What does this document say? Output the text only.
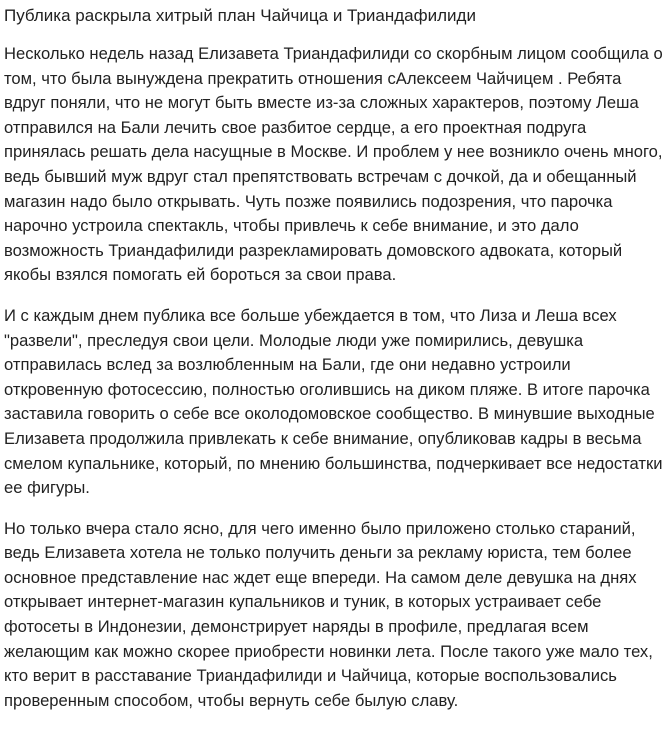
Публика раскрыла хитрый план Чайчица и Триандафилиди

Несколько недель назад Елизавета Триандафилиди со скорбным лицом сообщила о том, что была вынуждена прекратить отношения сАлексеем Чайчицем . Ребята вдруг поняли, что не могут быть вместе из-за сложных характеров, поэтому Леша отправился на Бали лечить свое разбитое сердце, а его проектная подруга принялась решать дела насущные в Москве. И проблем у нее возникло очень много, ведь бывший муж вдруг стал препятствовать встречам с дочкой, да и обещанный магазин надо было открывать. Чуть позже появились подозрения, что парочка нарочно устроила спектакль, чтобы привлечь к себе внимание, и это дало возможность Триандафилиди разрекламировать домовского адвоката, который якобы взялся помогать ей бороться за свои права.

И с каждым днем публика все больше убеждается в том, что Лиза и Леша всех "развели", преследуя свои цели. Молодые люди уже помирились, девушка отправилась вслед за возлюбленным на Бали, где они недавно устроили откровенную фотосессию, полностью оголившись на диком пляже. В итоге парочка заставила говорить о себе все околодомовское сообщество. В минувшие выходные Елизавета продолжила привлекать к себе внимание, опубликовав кадры в весьма смелом купальнике, который, по мнению большинства, подчеркивает все недостатки ее фигуры.

Но только вчера стало ясно, для чего именно было приложено столько стараний, ведь Елизавета хотела не только получить деньги за рекламу юриста, тем более основное представление нас ждет еще впереди. На самом деле девушка на днях открывает интернет-магазин купальников и туник, в которых устраивает себе фотосеты в Индонезии, демонстрирует наряды в профиле, предлагая всем желающим как можно скорее приобрести новинки лета. После такого уже мало тех, кто верит в расставание Триандафилиди и Чайчица, которые воспользовались проверенным способом, чтобы вернуть себе былую славу.
